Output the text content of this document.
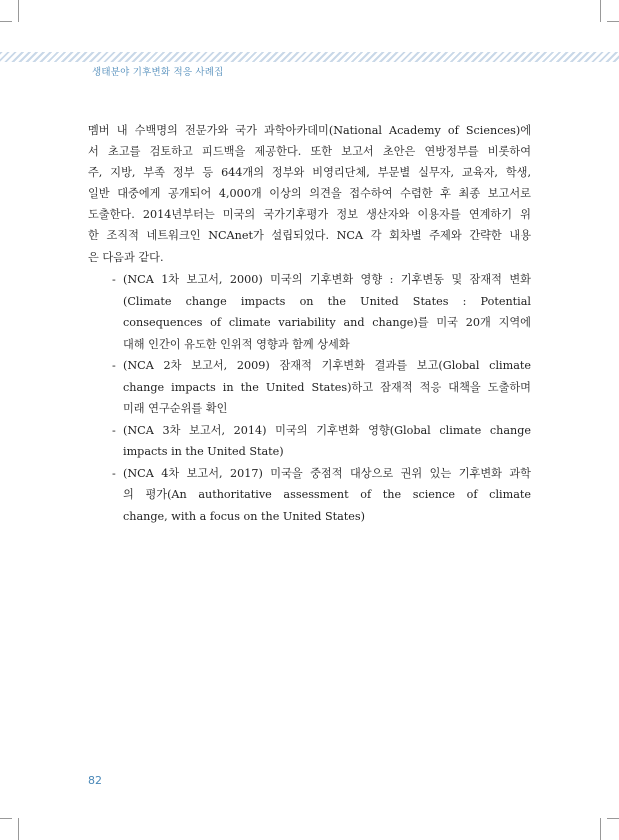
생태분야 기후변화 적응 사례집
멤버 내 수백명의 전문가와 국가 과학아카데미(National Academy of Sciences)에
서 초고를 검토하고 피드백을 제공한다. 또한 보고서 초안은 연방정부를 비롯하여
주, 지방, 부족 정부 등 644개의 정부와 비영리단체, 부문별 실무자, 교육자, 학생,
일반 대중에게 공개되어 4,000개 이상의 의견을 접수하여 수렴한 후 최종 보고서로
도출한다. 2014년부터는 미국의 국가기후평가 정보 생산자와 이용자를 연계하기 위
한 조직적 네트워크인 NCAnet가 설립되었다. NCA 각 회차별 주제와 간략한 내용
은 다음과 같다.
- (NCA 1차 보고서, 2000) 미국의 기후변화 영향 : 기후변동 및 잠재적 변화
(Climate change impacts on the United States : Potential
consequences of climate variability and change)를 미국 20개 지역에
대해 인간이 유도한 인위적 영향과 함께 상세화
- (NCA 2차 보고서, 2009) 잠재적 기후변화 결과를 보고(Global climate
change impacts in the United States)하고 잠재적 적응 대책을 도출하며
미래 연구순위를 확인
- (NCA 3차 보고서, 2014) 미국의 기후변화 영향(Global climate change
impacts in the United State)
- (NCA 4차 보고서, 2017) 미국을 중점적 대상으로 권위 있는 기후변화 과학
의 평가(An authoritative assessment of the science of climate
change, with a focus on the United States)
82
